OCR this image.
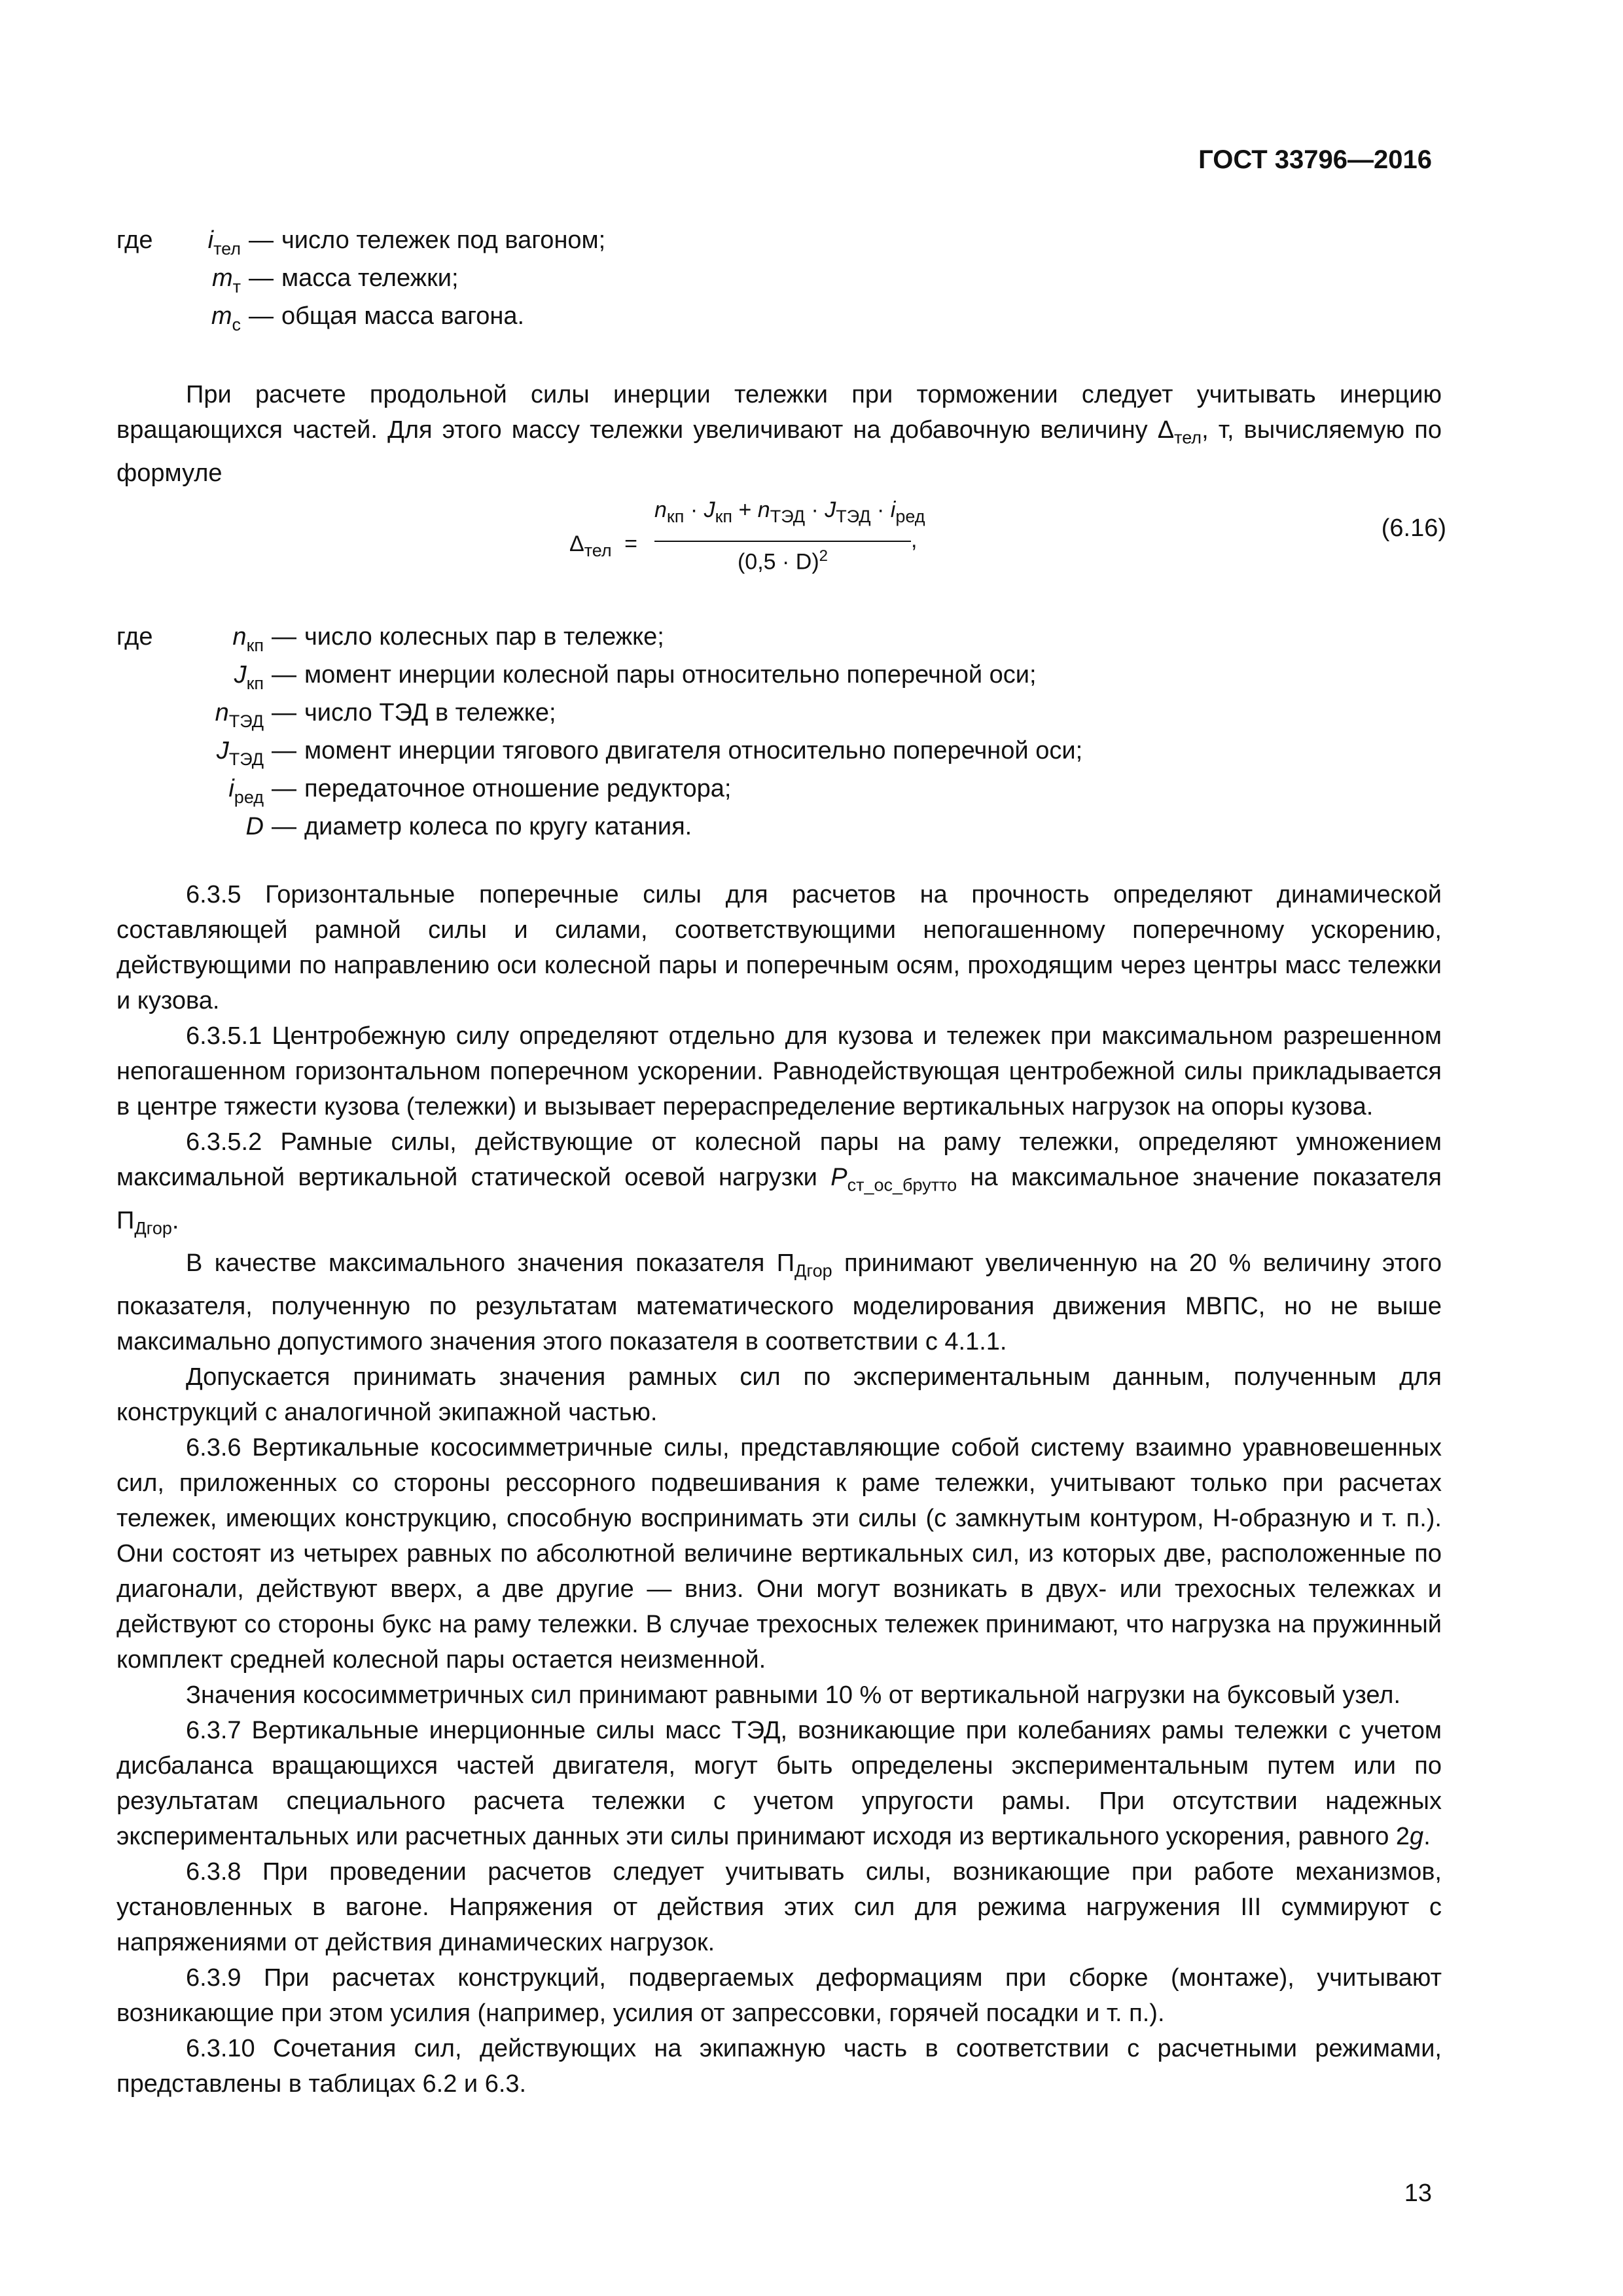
ГОСТ 33796—2016
где	$i_{тел}$ — число тележек под вагоном;
$m_т$ — масса тележки;
$m_с$ — общая масса вагона.

При расчете продольной силы инерции тележки при торможении следует учитывать инерцию вращающихся частей. Для этого массу тележки увеличивают на добавочную величину $\Delta_{тел}$, т, вычисляемую по формуле

$\Delta_{тел}$ =
$n_{кп} \cdot J_{кп} + n_{ТЭД} \cdot J_{ТЭД} \cdot i_{ред}$
,
$(0,5 \cdot D)^2$
(6.16)
где	$n_{кп}$ — число колесных пар в тележке;
$J_{кп}$ — момент инерции колесной пары относительно поперечной оси;
$n_{ТЭД}$ — число ТЭД в тележке;
$J_{ТЭД}$ — момент инерции тягового двигателя относительно поперечной оси;
$i_{ред}$ — передаточное отношение редуктора;
D — диаметр колеса по кругу катания.

6.3.5 Горизонтальные поперечные силы для расчетов на прочность определяют динамической составляющей рамной силы и силами, соответствующими непогашенному поперечному ускорению, действующими по направлению оси колесной пары и поперечным осям, проходящим через центры масс тележки и кузова.

6.3.5.1 Центробежную силу определяют отдельно для кузова и тележек при максимальном разрешенном непогашенном горизонтальном поперечном ускорении. Равнодействующая центробежной силы прикладывается в центре тяжести кузова (тележки) и вызывает перераспределение вертикальных нагрузок на опоры кузова.

6.3.5.2 Рамные силы, действующие от колесной пары на раму тележки, определяют умножением максимальной вертикальной статической осевой нагрузки $P_{ст\_ос\_брутто}$ на максимальное значение показателя $П_{Дгор}$.

В качестве максимального значения показателя $П_{Дгор}$ принимают увеличенную на 20 % величину этого показателя, полученную по результатам математического моделирования движения МВПС, но не выше максимально допустимого значения этого показателя в соответствии с 4.1.1.

Допускается принимать значения рамных сил по экспериментальным данным, полученным для конструкций с аналогичной экипажной частью.

6.3.6 Вертикальные кососимметричные силы, представляющие собой систему взаимно уравновешенных сил, приложенных со стороны рессорного подвешивания к раме тележки, учитывают только при расчетах тележек, имеющих конструкцию, способную воспринимать эти силы (с замкнутым контуром, Н-образную и т. п.). Они состоят из четырех равных по абсолютной величине вертикальных сил, из которых две, расположенные по диагонали, действуют вверх, а две другие — вниз. Они могут возникать в двух- или трехосных тележках и действуют со стороны букс на раму тележки. В случае трехосных тележек принимают, что нагрузка на пружинный комплект средней колесной пары остается неизменной.

Значения кососимметричных сил принимают равными 10 % от вертикальной нагрузки на буксовый узел.

6.3.7 Вертикальные инерционные силы масс ТЭД, возникающие при колебаниях рамы тележки с учетом дисбаланса вращающихся частей двигателя, могут быть определены экспериментальным путем или по результатам специального расчета тележки с учетом упругости рамы. При отсутствии надежных экспериментальных или расчетных данных эти силы принимают исходя из вертикального ускорения, равного 2g.

6.3.8 При проведении расчетов следует учитывать силы, возникающие при работе механизмов, установленных в вагоне. Напряжения от действия этих сил для режима нагружения III суммируют с напряжениями от действия динамических нагрузок.

6.3.9 При расчетах конструкций, подвергаемых деформациям при сборке (монтаже), учитывают возникающие при этом усилия (например, усилия от запрессовки, горячей посадки и т. п.).

6.3.10 Сочетания сил, действующих на экипажную часть в соответствии с расчетными режимами, представлены в таблицах 6.2 и 6.3.

13
